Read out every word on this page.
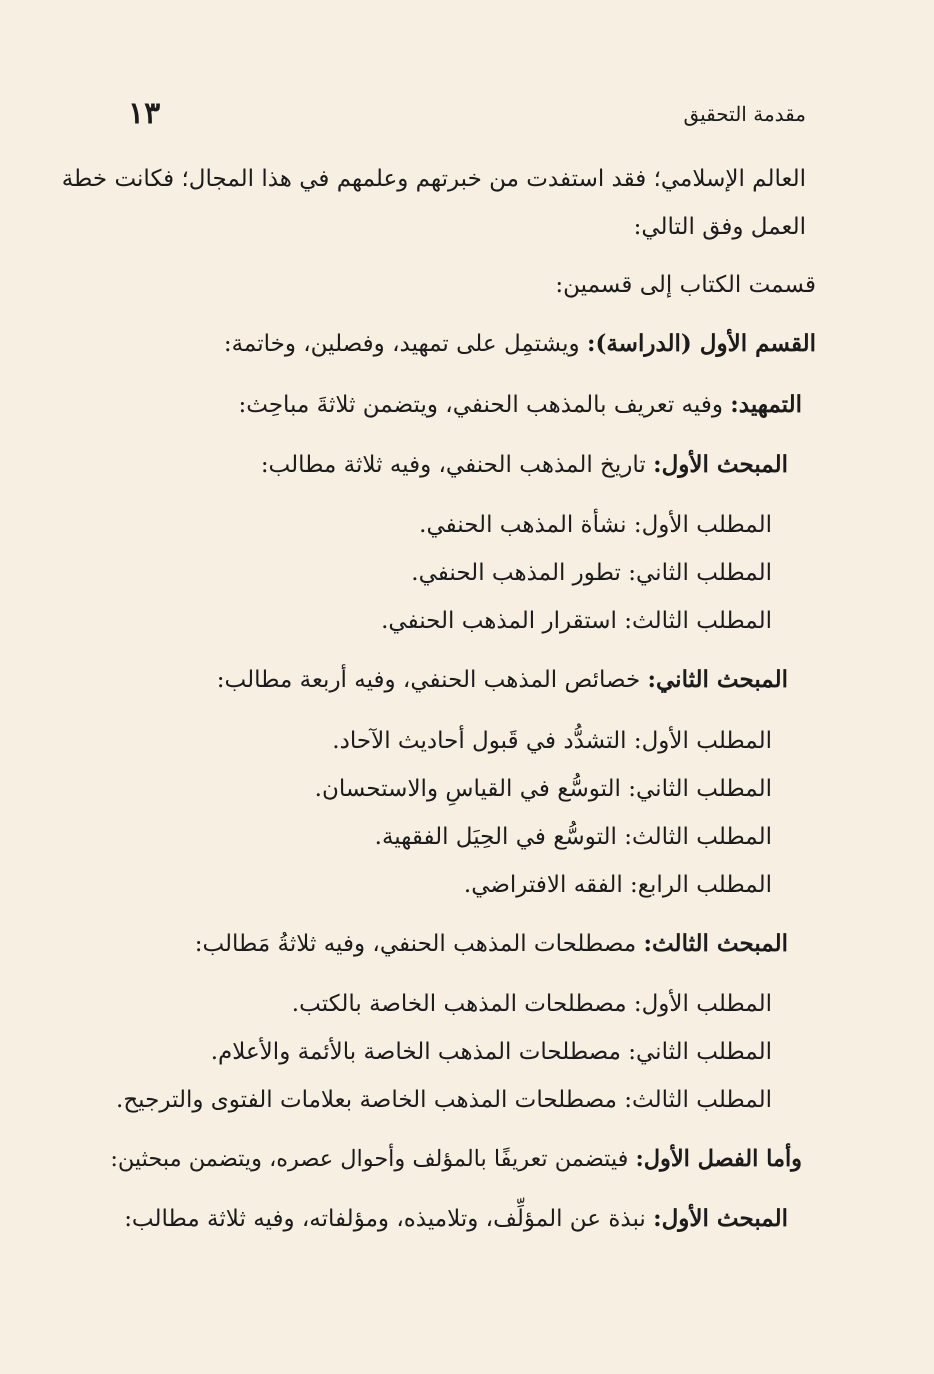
مقدمة التحقيق
١٣
العالم الإسلامي؛ فقد استفدت من خبرتهم وعلمهم في هذا المجال؛ فكانت خطة
العمل وفق التالي:
قسمت الكتاب إلى قسمين:
القسم الأول (الدراسة): ويشتمِل على تمهيد، وفصلين، وخاتمة:
التمهيد: وفيه تعريف بالمذهب الحنفي، ويتضمن ثلاثةَ مباحِث:
المبحث الأول: تاريخ المذهب الحنفي، وفيه ثلاثة مطالب:
المطلب الأول: نشأة المذهب الحنفي.
المطلب الثاني: تطور المذهب الحنفي.
المطلب الثالث: استقرار المذهب الحنفي.
المبحث الثاني: خصائص المذهب الحنفي، وفيه أربعة مطالب:
المطلب الأول: التشدُّد في قَبول أحاديث الآحاد.
المطلب الثاني: التوسُّع في القياسِ والاستحسان.
المطلب الثالث: التوسُّع في الحِيَل الفقهية.
المطلب الرابع: الفقه الافتراضي.
المبحث الثالث: مصطلحات المذهب الحنفي، وفيه ثلاثةُ مَطالب:
المطلب الأول: مصطلحات المذهب الخاصة بالكتب.
المطلب الثاني: مصطلحات المذهب الخاصة بالأئمة والأعلام.
المطلب الثالث: مصطلحات المذهب الخاصة بعلامات الفتوى والترجيح.
وأما الفصل الأول: فيتضمن تعريفًا بالمؤلف وأحوال عصره، ويتضمن مبحثين:
المبحث الأول: نبذة عن المؤلِّف، وتلاميذه، ومؤلفاته، وفيه ثلاثة مطالب:
